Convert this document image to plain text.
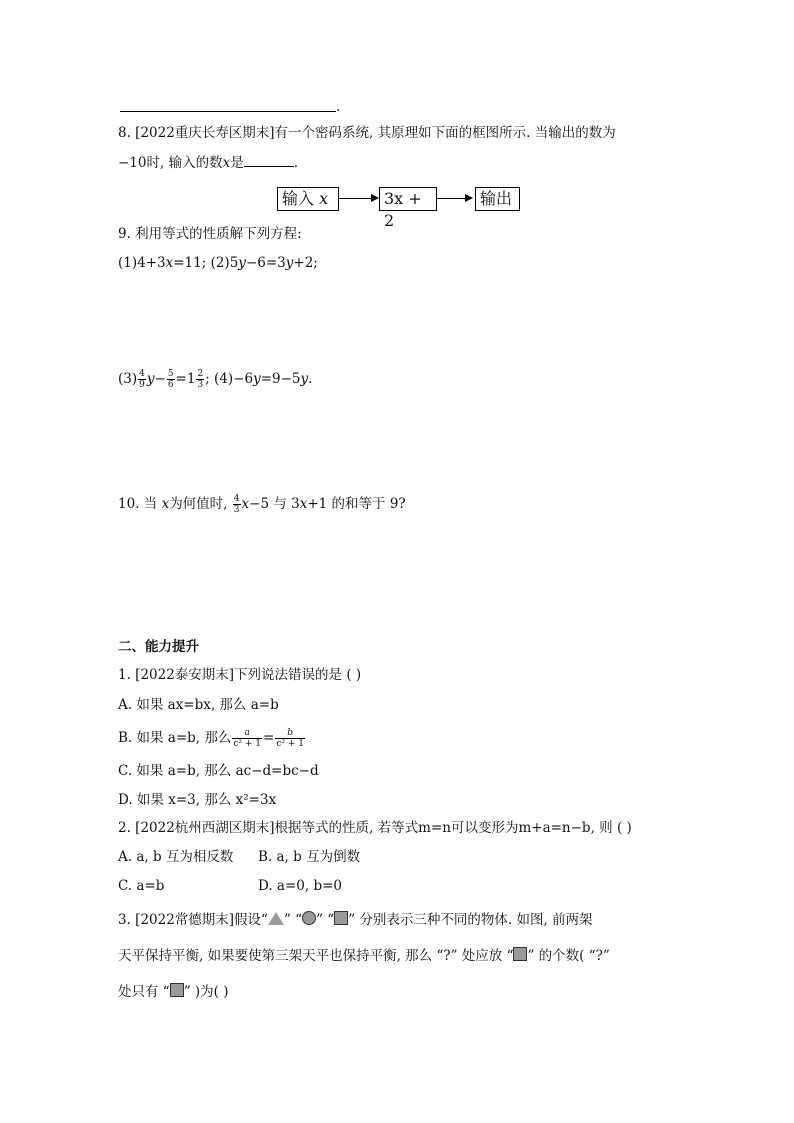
.
8. [2022重庆长寿区期末]有一个密码系统, 其原理如下面的框图所示. 当输出的数为
−10时, 输入的数x是	.
输入 x	3x + 2
输出
9. 利用等式的性质解下列方程:
(1)4+3x=11; (2)5y−6=3y+2;
$(3) \frac{4}{9} y- \frac{5}{6} =1 \frac{2}{3}$ ; (4)−6y=9−5y.
10. 当 x为何值时, $\frac{4}{3} x-5$ 与 3x+1 的和等于 9?
二、能力提升
1. [2022泰安期末]下列说法错误的是 ( )
A. 如果 ax=bx, 那么 a=b
B. 如果 a=b, 那么 $\frac{a}{\text{c² + 1}} = \frac{b}{\text{c² + 1}}$
C. 如果 a=b, 那么 ac−d=bc−d
D. 如果 x=3, 那么 x²=3x
2. [2022杭州西湖区期末]根据等式的性质, 若等式m=n可以变形为m+a=n−b, 则 ( )
A. a, b 互为相反数 B. a, b 互为倒数
C. a=b	D. a=0, b=0
3. [2022常德期末]假设“ ” “ ” “ ” 分别表示三种不同的物体. 如图, 前两架
天平保持平衡, 如果要使第三架天平也保持平衡, 那么 “?” 处应放 “ ” 的个数( “?”
处只有 “ ” )为( )
